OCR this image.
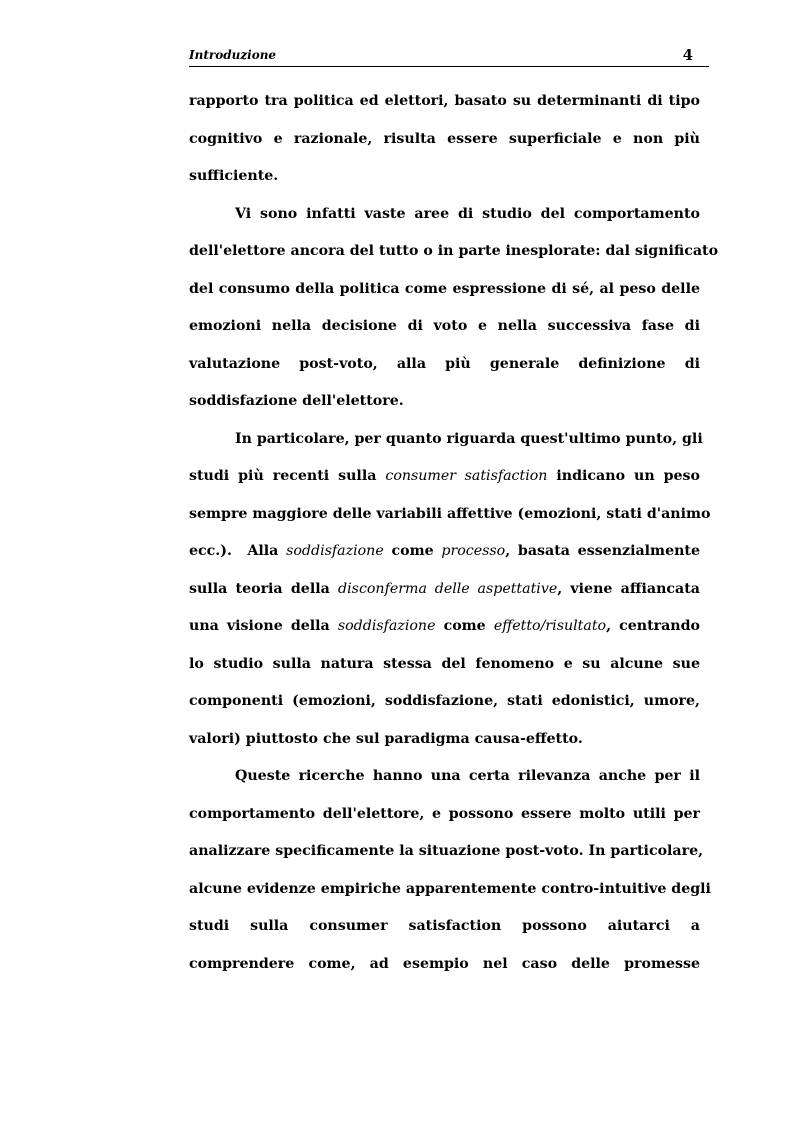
Introduzione	4
rapporto tra politica ed elettori, basato su determinanti di tipo
cognitivo e razionale, risulta essere superficiale e non più
sufficiente.
Vi sono infatti vaste aree di studio del comportamento
dell'elettore ancora del tutto o in parte inesplorate: dal significato
del consumo della politica come espressione di sé, al peso delle
emozioni nella decisione di voto e nella successiva fase di
valutazione post-voto, alla più generale definizione di
soddisfazione dell'elettore.
In particolare, per quanto riguarda quest'ultimo punto, gli
studi più recenti sulla consumer satisfaction indicano un peso
sempre maggiore delle variabili affettive (emozioni, stati d'animo
ecc.).  Alla soddisfazione come processo, basata essenzialmente
sulla teoria della disconferma delle aspettative, viene affiancata
una visione della soddisfazione come effetto/risultato, centrando
lo studio sulla natura stessa del fenomeno e su alcune sue
componenti (emozioni, soddisfazione, stati edonistici, umore,
valori) piuttosto che sul paradigma causa-effetto.
Queste ricerche hanno una certa rilevanza anche per il
comportamento dell'elettore, e possono essere molto utili per
analizzare specificamente la situazione post-voto. In particolare,
alcune evidenze empiriche apparentemente contro-intuitive degli
studi sulla consumer satisfaction possono aiutarci a
comprendere come, ad esempio nel caso delle promesse
